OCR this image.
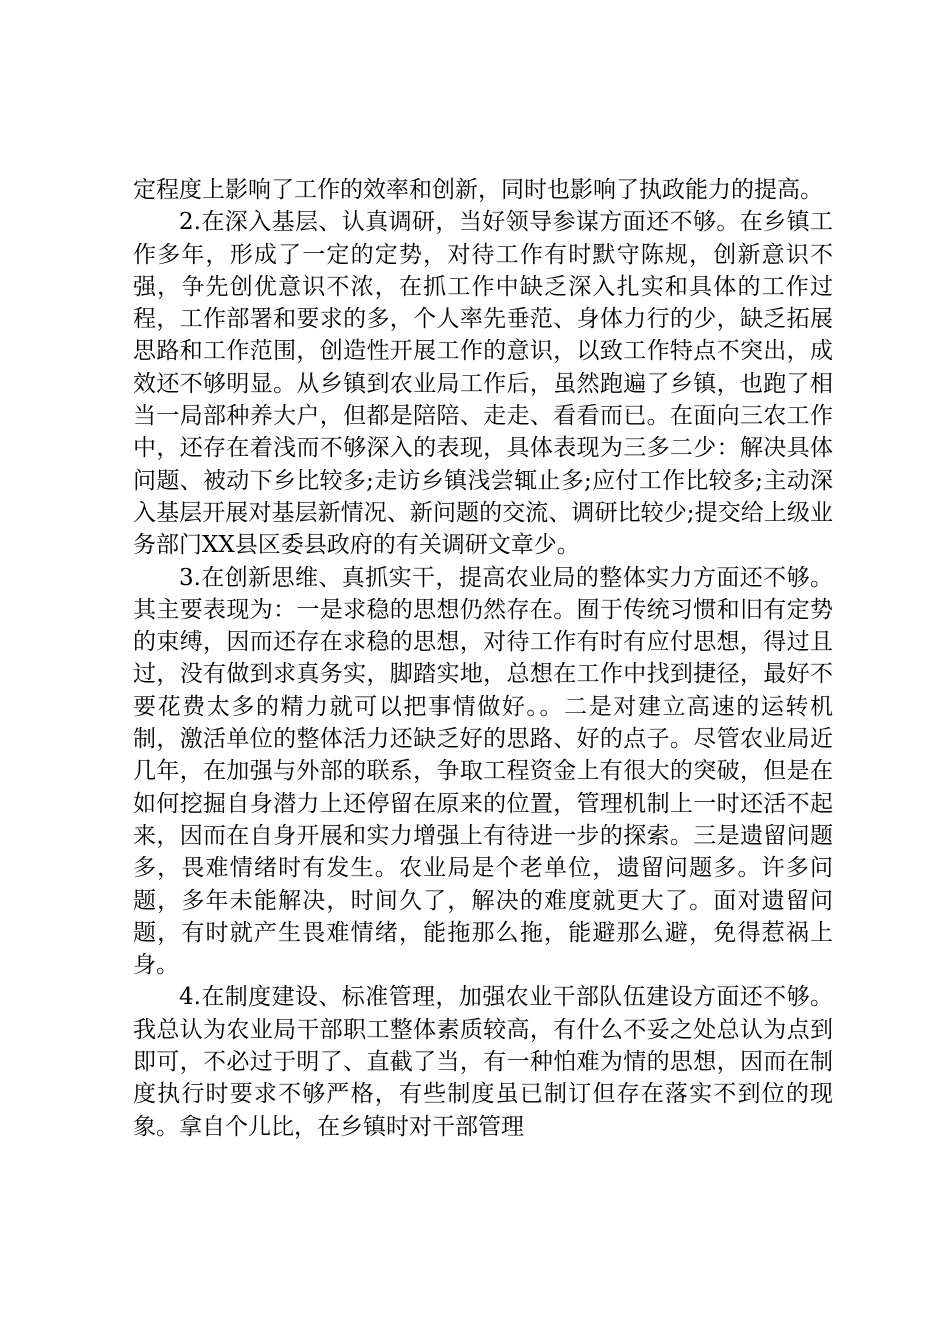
定程度上影响了工作的效率和创新，同时也影响了执政能力的提高。

2.在深入基层、认真调研，当好领导参谋方面还不够。在乡镇工作多年，形成了一定的定势，对待工作有时默守陈规，创新意识不强，争先创优意识不浓，在抓工作中缺乏深入扎实和具体的工作过程，工作部署和要求的多，个人率先垂范、身体力行的少，缺乏拓展思路和工作范围，创造性开展工作的意识，以致工作特点不突出，成效还不够明显。从乡镇到农业局工作后，虽然跑遍了乡镇，也跑了相当一局部种养大户，但都是陪陪、走走、看看而已。在面向三农工作中，还存在着浅而不够深入的表现，具体表现为三多二少：解决具体问题、被动下乡比较多;走访乡镇浅尝辄止多;应付工作比较多;主动深入基层开展对基层新情况、新问题的交流、调研比较少;提交给上级业务部门XX县区委县政府的有关调研文章少。

3.在创新思维、真抓实干，提高农业局的整体实力方面还不够。其主要表现为：一是求稳的思想仍然存在。囿于传统习惯和旧有定势的束缚，因而还存在求稳的思想，对待工作有时有应付思想，得过且过，没有做到求真务实，脚踏实地，总想在工作中找到捷径，最好不要花费太多的精力就可以把事情做好。。二是对建立高速的运转机制，激活单位的整体活力还缺乏好的思路、好的点子。尽管农业局近几年，在加强与外部的联系，争取工程资金上有很大的突破，但是在如何挖掘自身潜力上还停留在原来的位置，管理机制上一时还活不起来，因而在自身开展和实力增强上有待进一步的探索。三是遗留问题多，畏难情绪时有发生。农业局是个老单位，遗留问题多。许多问题，多年未能解决，时间久了，解决的难度就更大了。面对遗留问题，有时就产生畏难情绪，能拖那么拖，能避那么避，免得惹祸上身。

4.在制度建设、标准管理，加强农业干部队伍建设方面还不够。我总认为农业局干部职工整体素质较高，有什么不妥之处总认为点到即可，不必过于明了、直截了当，有一种怕难为情的思想，因而在制度执行时要求不够严格，有些制度虽已制订但存在落实不到位的现象。拿自个儿比，在乡镇时对干部管理
